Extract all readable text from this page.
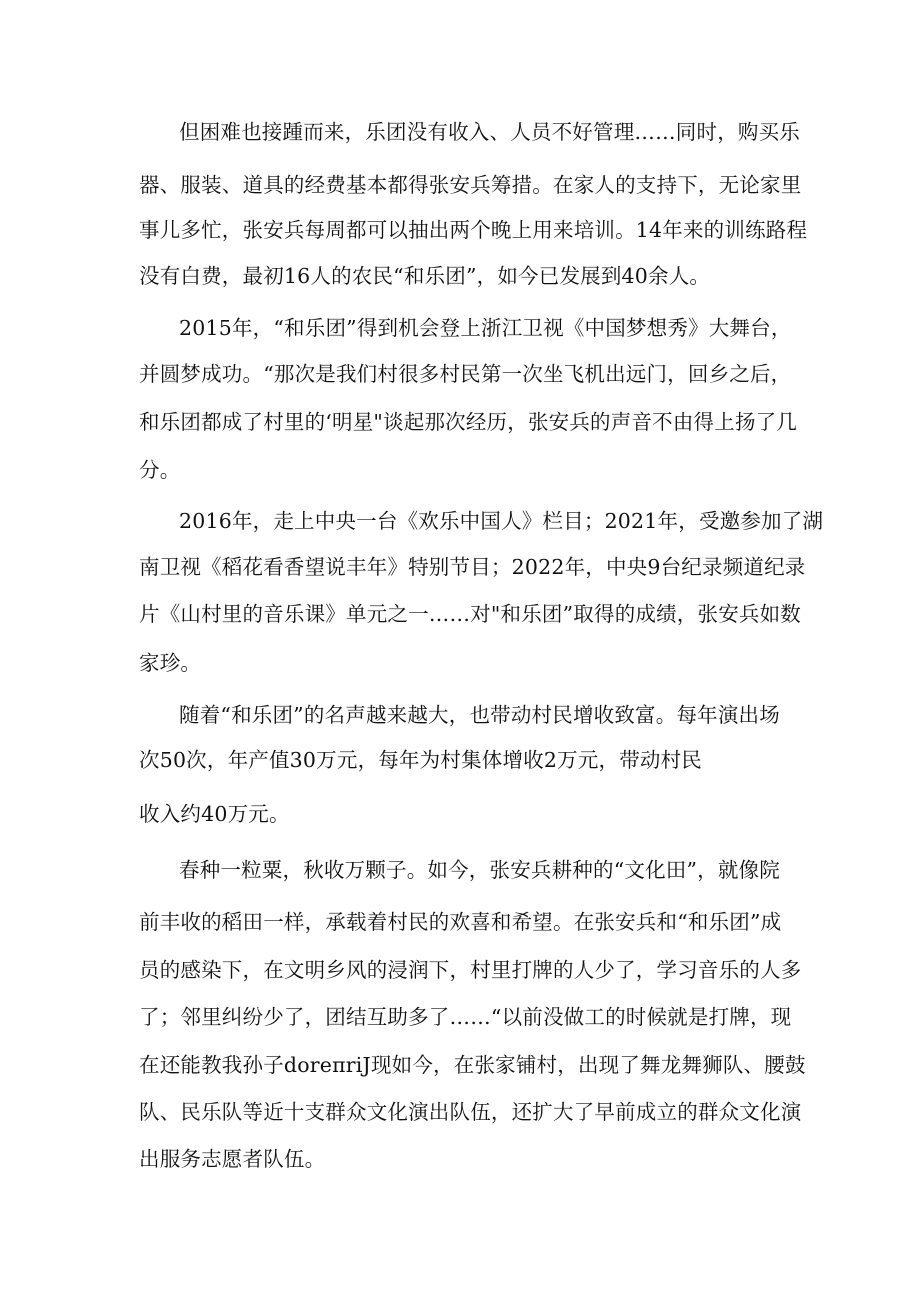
但困难也接踵而来，乐团没有收入、人员不好管理……同时，购买乐
器、服装、道具的经费基本都得张安兵筹措。在家人的支持下，无论家里
事儿多忙，张安兵每周都可以抽出两个晚上用来培训。14年来的训练路程
没有白费，最初16人的农民“和乐团”，如今已发展到40余人。
2015年，“和乐团”得到机会登上浙江卫视《中国梦想秀》大舞台，
并圆梦成功。“那次是我们村很多村民第一次坐飞机出远门，回乡之后，
和乐团都成了村里的‘明星"谈起那次经历，张安兵的声音不由得上扬了几
分。
2016年，走上中央一台《欢乐中国人》栏目；2021年，受邀参加了湖
南卫视《稻花看香望说丰年》特别节目；2022年，中央9台纪录频道纪录
片《山村里的音乐课》单元之一……对"和乐团”取得的成绩，张安兵如数
家珍。
随着“和乐团”的名声越来越大，也带动村民增收致富。每年演出场
次50次，年产值30万元，每年为村集体增收2万元，带动村民
收入约40万元。
春种一粒粟，秋收万颗子。如今，张安兵耕种的“文化田”，就像院
前丰收的稻田一样，承载着村民的欢喜和希望。在张安兵和“和乐团”成
员的感染下，在文明乡风的浸润下，村里打牌的人少了，学习音乐的人多
了；邻里纠纷少了，团结互助多了……“以前没做工的时候就是打牌，现
在还能教我孙子doreπriJ现如今，在张家铺村，出现了舞龙舞狮队、腰鼓
队、民乐队等近十支群众文化演出队伍，还扩大了早前成立的群众文化演
出服务志愿者队伍。
